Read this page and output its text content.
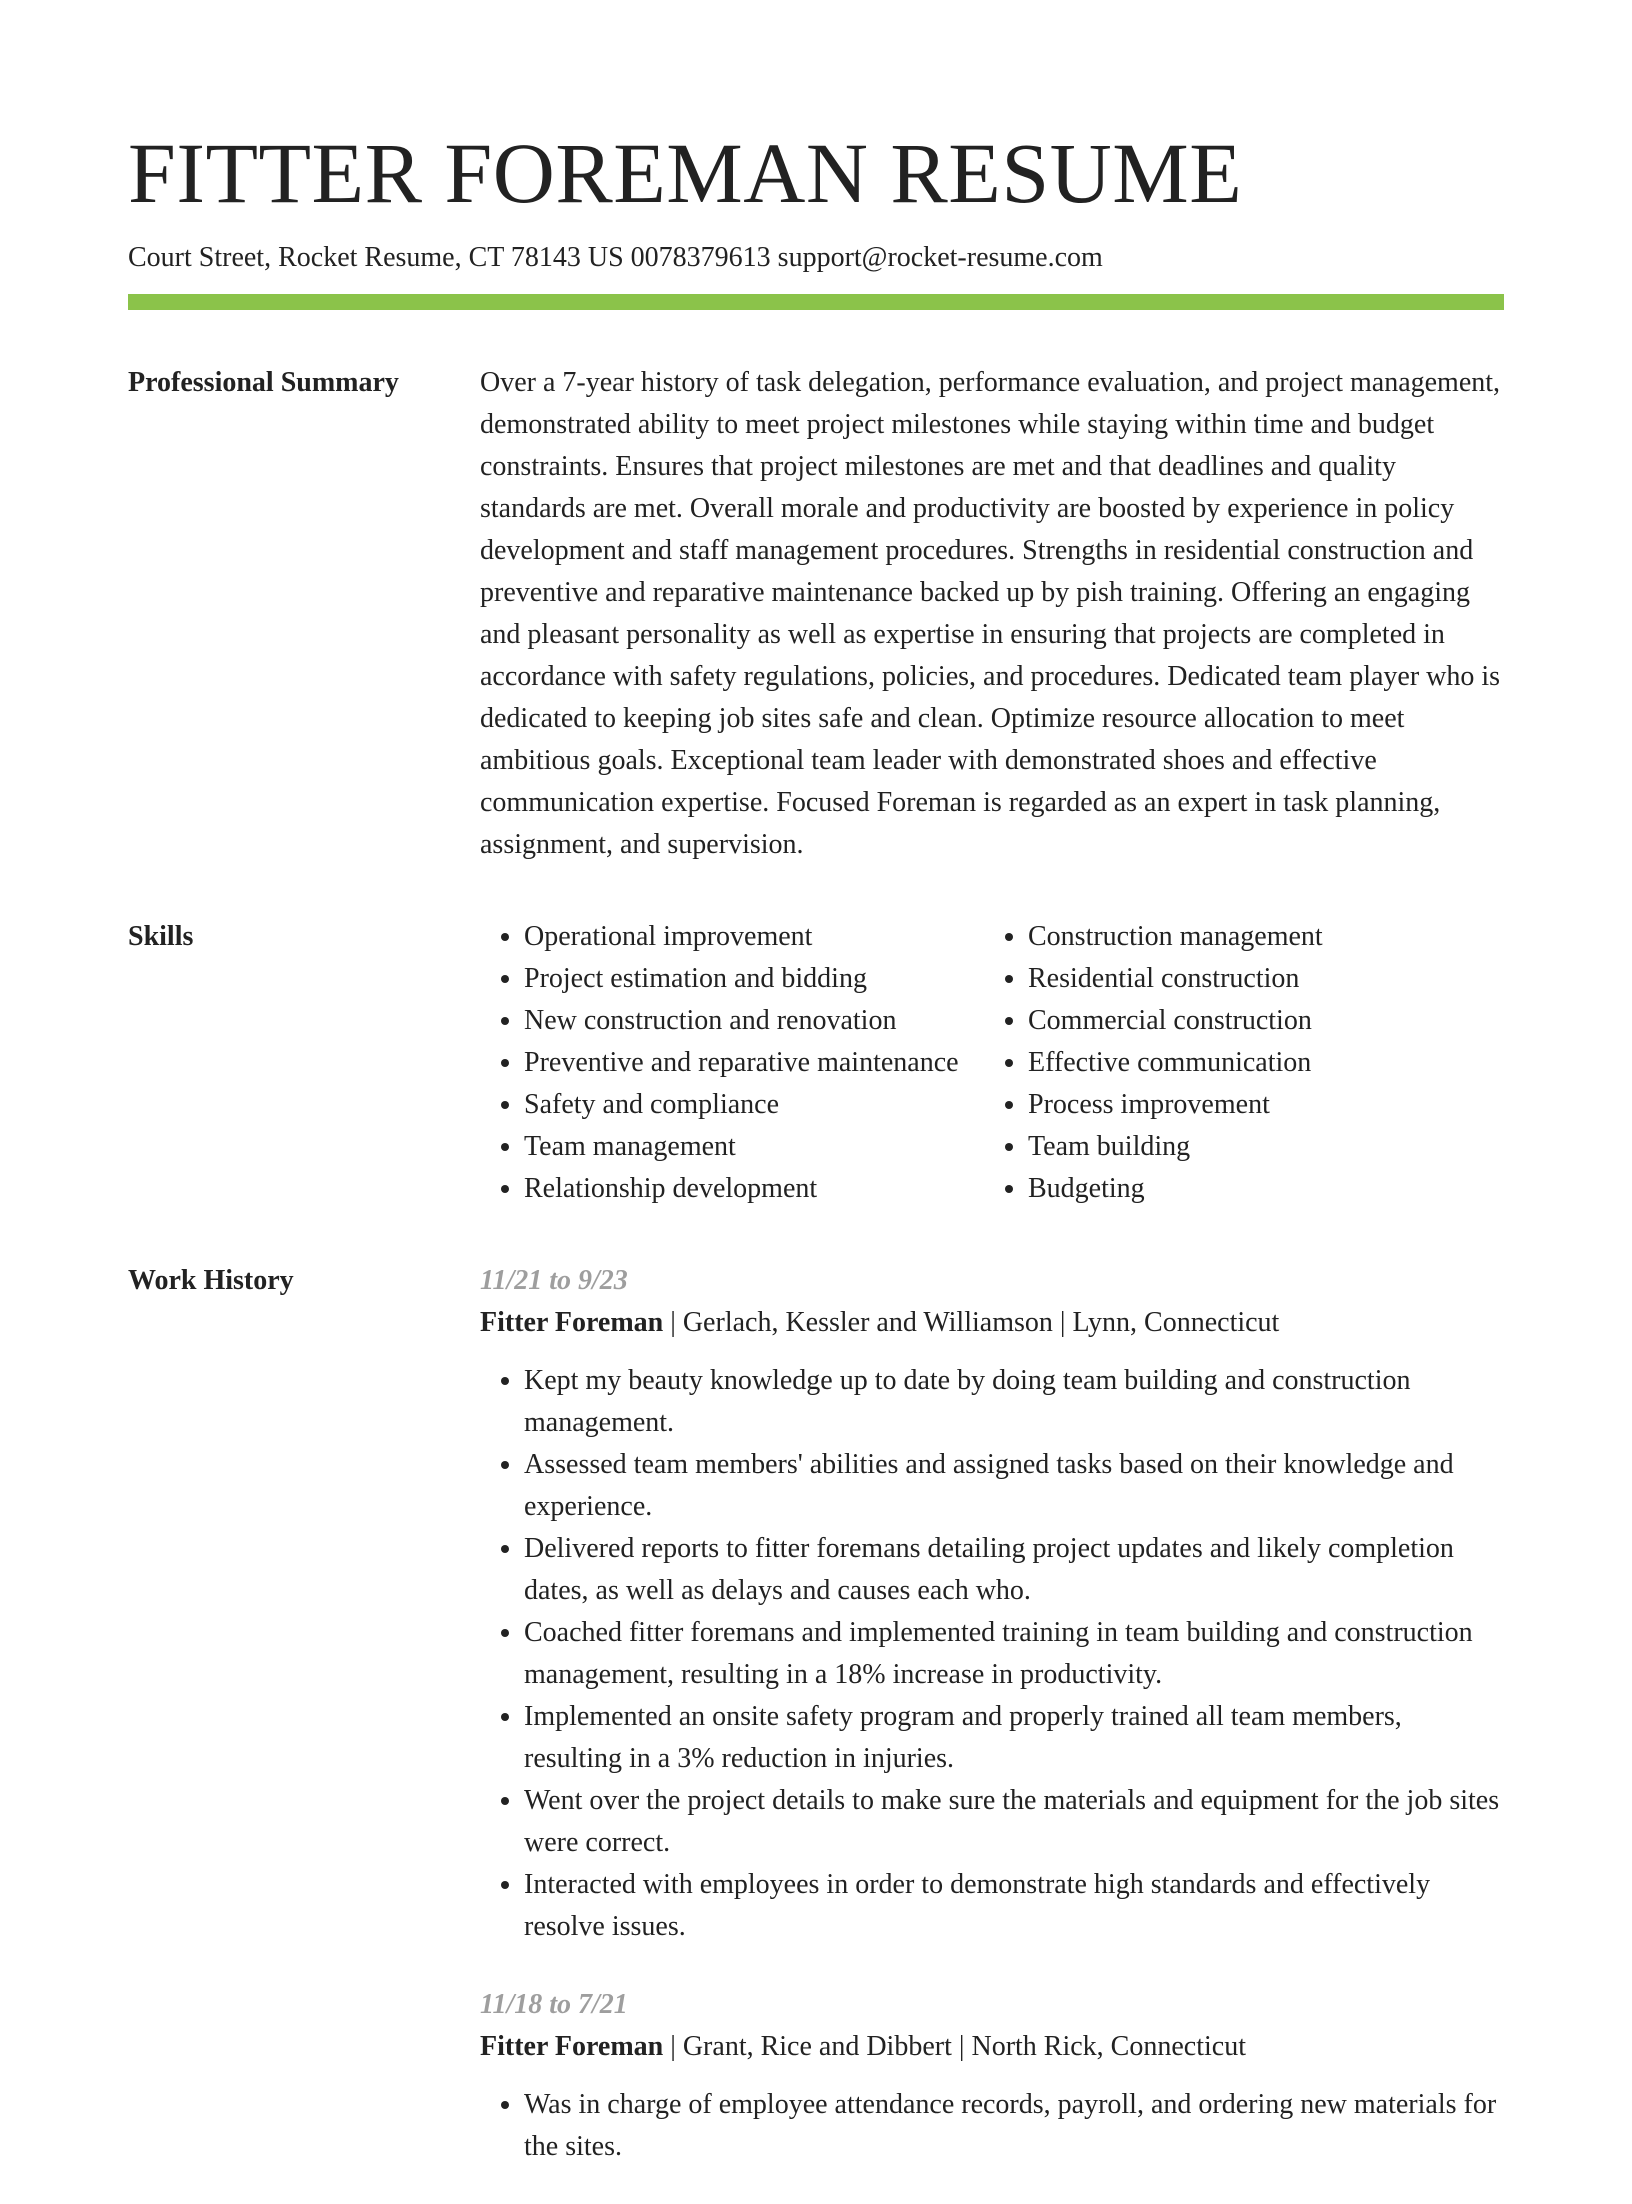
FITTER FOREMAN RESUME
Court Street, Rocket Resume, CT 78143 US 0078379613 support@rocket-resume.com
Professional Summary	Over a 7-year history of task delegation, performance evaluation, and project management, demonstrated ability to meet project milestones while staying within time and budget constraints. Ensures that project milestones are met and that deadlines and quality standards are met. Overall morale and productivity are boosted by experience in policy development and staff management procedures. Strengths in residential construction and preventive and reparative maintenance backed up by pish training. Offering an engaging and pleasant personality as well as expertise in ensuring that projects are completed in accordance with safety regulations, policies, and procedures. Dedicated team player who is dedicated to keeping job sites safe and clean. Optimize resource allocation to meet ambitious goals. Exceptional team leader with demonstrated shoes and effective communication expertise. Focused Foreman is regarded as an expert in task planning, assignment, and supervision.

Skills
•	Operational improvement
• Project estimation and bidding
• New construction and renovation
• Preventive and reparative maintenance
• Safety and compliance
• Team management
• Relationship development
• Construction management
• Residential construction
• Commercial construction
• Effective communication
• Process improvement
• Team building
• Budgeting
Work History	11/21 to 9/23
Fitter Foreman | Gerlach, Kessler and Williamson | Lynn, Connecticut
• Kept my beauty knowledge up to date by doing team building and construction management.
• Assessed team members' abilities and assigned tasks based on their knowledge and experience.
• Delivered reports to fitter foremans detailing project updates and likely completion dates, as well as delays and causes each who.
• Coached fitter foremans and implemented training in team building and construction management, resulting in a 18% increase in productivity.
• Implemented an onsite safety program and properly trained all team members, resulting in a 3% reduction in injuries.
• Went over the project details to make sure the materials and equipment for the job sites were correct.
• Interacted with employees in order to demonstrate high standards and effectively resolve issues.
11/18 to 7/21
Fitter Foreman | Grant, Rice and Dibbert | North Rick, Connecticut
• Was in charge of employee attendance records, payroll, and ordering new materials for the sites.
